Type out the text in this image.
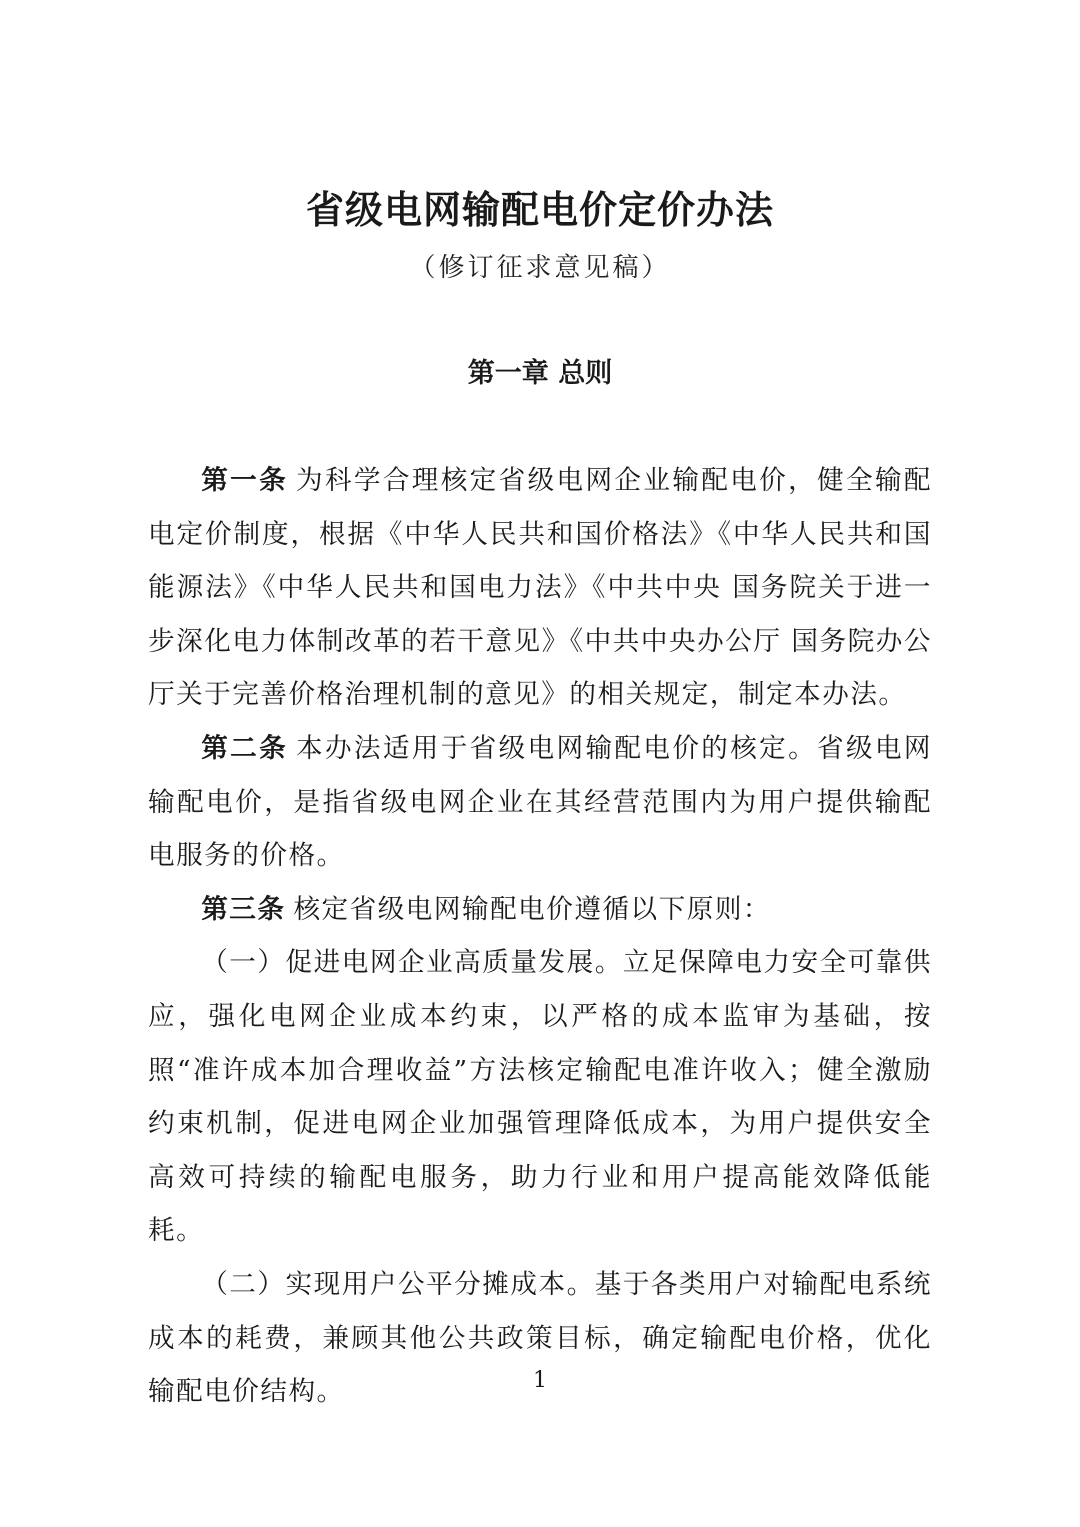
省级电网输配电价定价办法
（修订征求意见稿）
第一章 总则

第一条 为科学合理核定省级电网企业输配电价，健全输配电定价制度，根据《中华人民共和国价格法》《中华人民共和国能源法》《中华人民共和国电力法》《中共中央 国务院关于进一步深化电力体制改革的若干意见》《中共中央办公厅 国务院办公厅关于完善价格治理机制的意见》的相关规定，制定本办法。

第二条 本办法适用于省级电网输配电价的核定。省级电网输配电价，是指省级电网企业在其经营范围内为用户提供输配电服务的价格。

第三条 核定省级电网输配电价遵循以下原则：

（一）促进电网企业高质量发展。立足保障电力安全可靠供应，强化电网企业成本约束，以严格的成本监审为基础，按照“准许成本加合理收益”方法核定输配电准许收入；健全激励约束机制，促进电网企业加强管理降低成本，为用户提供安全高效可持续的输配电服务，助力行业和用户提高能效降低能耗。

（二）实现用户公平分摊成本。基于各类用户对输配电系统成本的耗费，兼顾其他公共政策目标，确定输配电价格，优化输配电价结构。	1
